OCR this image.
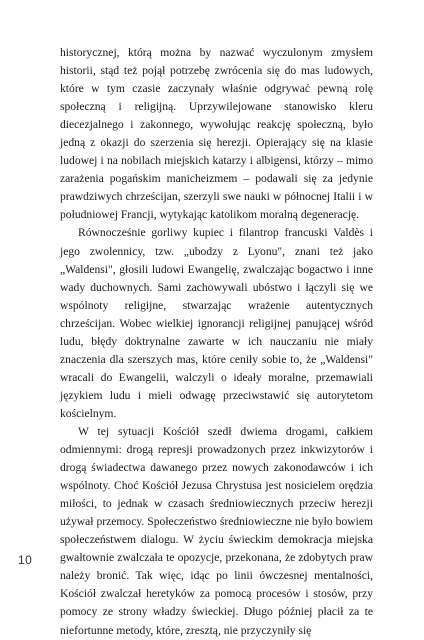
historycznej, którą można by nazwać wyczulonym zmysłem historii, stąd też pojął potrzebę zwrócenia się do mas ludowych, które w tym czasie zaczynały właśnie odgrywać pewną rolę społeczną i religijną. Uprzywilejowane stanowisko kleru diecezjalnego i zakonnego, wywołując reakcję społeczną, było jedną z okazji do szerzenia się herezji. Opierający się na klasie ludowej i na nobilach miejskich katarzy i albigensi, którzy – mimo zarażenia pogańskim manicheizmem – podawali się za jedynie prawdziwych chrześcijan, szerzyli swe nauki w północnej Italii i w południowej Francji, wytykając katolikom moralną degenerację.

Równocześnie gorliwy kupiec i filantrop francuski Valdès i jego zwolennicy, tzw. „ubodzy z Lyonu", znani też jako „Waldensi", głosili ludowi Ewangelię, zwalczając bogactwo i inne wady duchownych. Sami zachowywali ubóstwo i łączyli się we wspólnoty religijne, stwarzając wrażenie autentycznych chrześcijan. Wobec wielkiej ignorancji religijnej panującej wśród ludu, błędy doktrynalne zawarte w ich nauczaniu nie miały znaczenia dla szerszych mas, które ceniły sobie to, że „Waldensi" wracali do Ewangelii, walczyli o ideały moralne, przemawiali językiem ludu i mieli odwagę przeciwstawić się autorytetom kościelnym.

W tej sytuacji Kościół szedł dwiema drogami, całkiem odmiennymi: drogą represji prowadzonych przez inkwizytorów i drogą świadectwa dawanego przez nowych zakonodawców i ich wspólnoty. Choć Kościół Jezusa Chrystusa jest nosicielem orędzia miłości, to jednak w czasach średniowiecznych przeciw herezji używał przemocy. Społeczeństwo średniowieczne nie było bowiem społeczeństwem dialogu. W życiu świeckim demokracja miejska gwałtownie zwalczała te opozycje, przekonana, że zdobytych praw należy bronić. Tak więc, idąc po linii ówczesnej mentalności, Kościół zwalczał heretyków za pomocą procesów i stosów, przy pomocy ze strony władzy świeckiej. Długo później płacił za te niefortunne metody, które, zresztą, nie przyczyniły się

10
